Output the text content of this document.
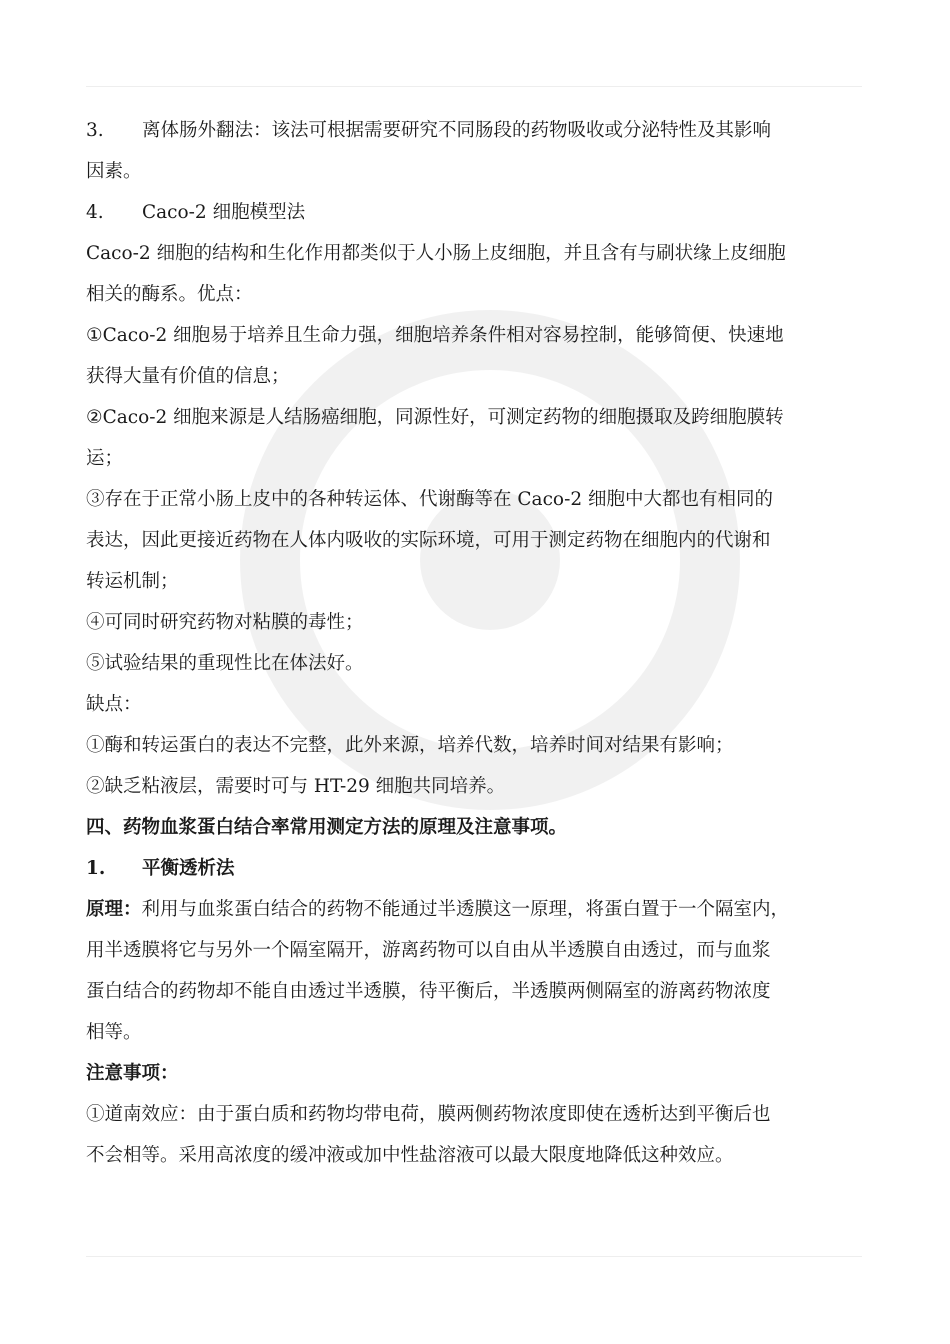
3. 离体肠外翻法：该法可根据需要研究不同肠段的药物吸收或分泌特性及其影响
因素。
4. Caco-2 细胞模型法
Caco-2 细胞的结构和生化作用都类似于人小肠上皮细胞，并且含有与刷状缘上皮细胞
相关的酶系。优点：
①Caco-2 细胞易于培养且生命力强，细胞培养条件相对容易控制，能够简便、快速地
获得大量有价值的信息；
②Caco-2 细胞来源是人结肠癌细胞，同源性好，可测定药物的细胞摄取及跨细胞膜转
运；
③存在于正常小肠上皮中的各种转运体、代谢酶等在 Caco-2 细胞中大都也有相同的
表达，因此更接近药物在人体内吸收的实际环境，可用于测定药物在细胞内的代谢和
转运机制；
④可同时研究药物对粘膜的毒性；
⑤试验结果的重现性比在体法好。
缺点：
①酶和转运蛋白的表达不完整，此外来源，培养代数，培养时间对结果有影响；
②缺乏粘液层，需要时可与 HT-29 细胞共同培养。
四、药物血浆蛋白结合率常用测定方法的原理及注意事项。
1. 平衡透析法
原理：利用与血浆蛋白结合的药物不能通过半透膜这一原理，将蛋白置于一个隔室内，
用半透膜将它与另外一个隔室隔开，游离药物可以自由从半透膜自由透过，而与血浆
蛋白结合的药物却不能自由透过半透膜，待平衡后，半透膜两侧隔室的游离药物浓度
相等。
注意事项：
①道南效应：由于蛋白质和药物均带电荷，膜两侧药物浓度即使在透析达到平衡后也
不会相等。采用高浓度的缓冲液或加中性盐溶液可以最大限度地降低这种效应。
